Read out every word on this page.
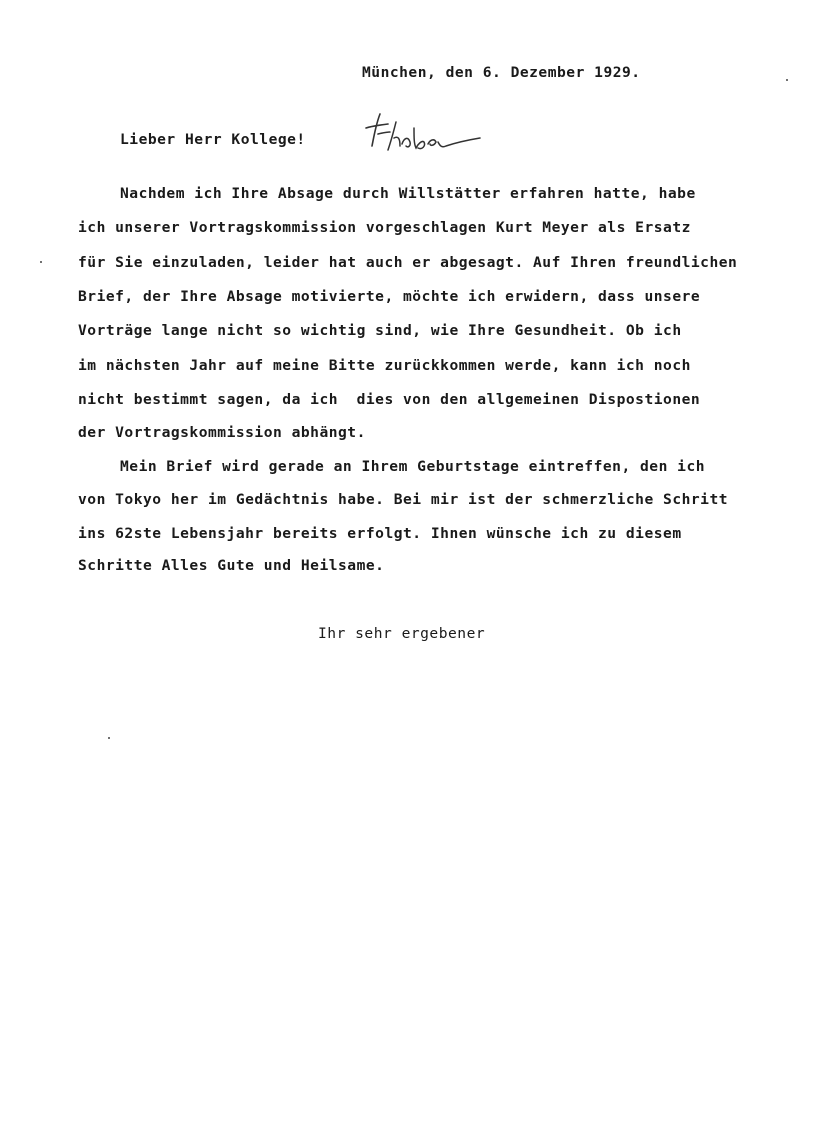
München, den 6. Dezember 1929.
Lieber Herr Kollege!
Nachdem ich Ihre Absage durch Willstätter erfahren hatte, habe
ich unserer Vortragskommission vorgeschlagen Kurt Meyer als Ersatz
für Sie einzuladen, leider hat auch er abgesagt. Auf Ihren freundlichen
Brief, der Ihre Absage motivierte, möchte ich erwidern, dass unsere
Vorträge lange nicht so wichtig sind, wie Ihre Gesundheit. Ob ich
im nächsten Jahr auf meine Bitte zurückkommen werde, kann ich noch
nicht bestimmt sagen, da ich  dies von den allgemeinen Dispostionen
der Vortragskommission abhängt.
Mein Brief wird gerade an Ihrem Geburtstage eintreffen, den ich
von Tokyo her im Gedächtnis habe. Bei mir ist der schmerzliche Schritt
ins 62ste Lebensjahr bereits erfolgt. Ihnen wünsche ich zu diesem
Schritte Alles Gute und Heilsame.
Ihr sehr ergebener
